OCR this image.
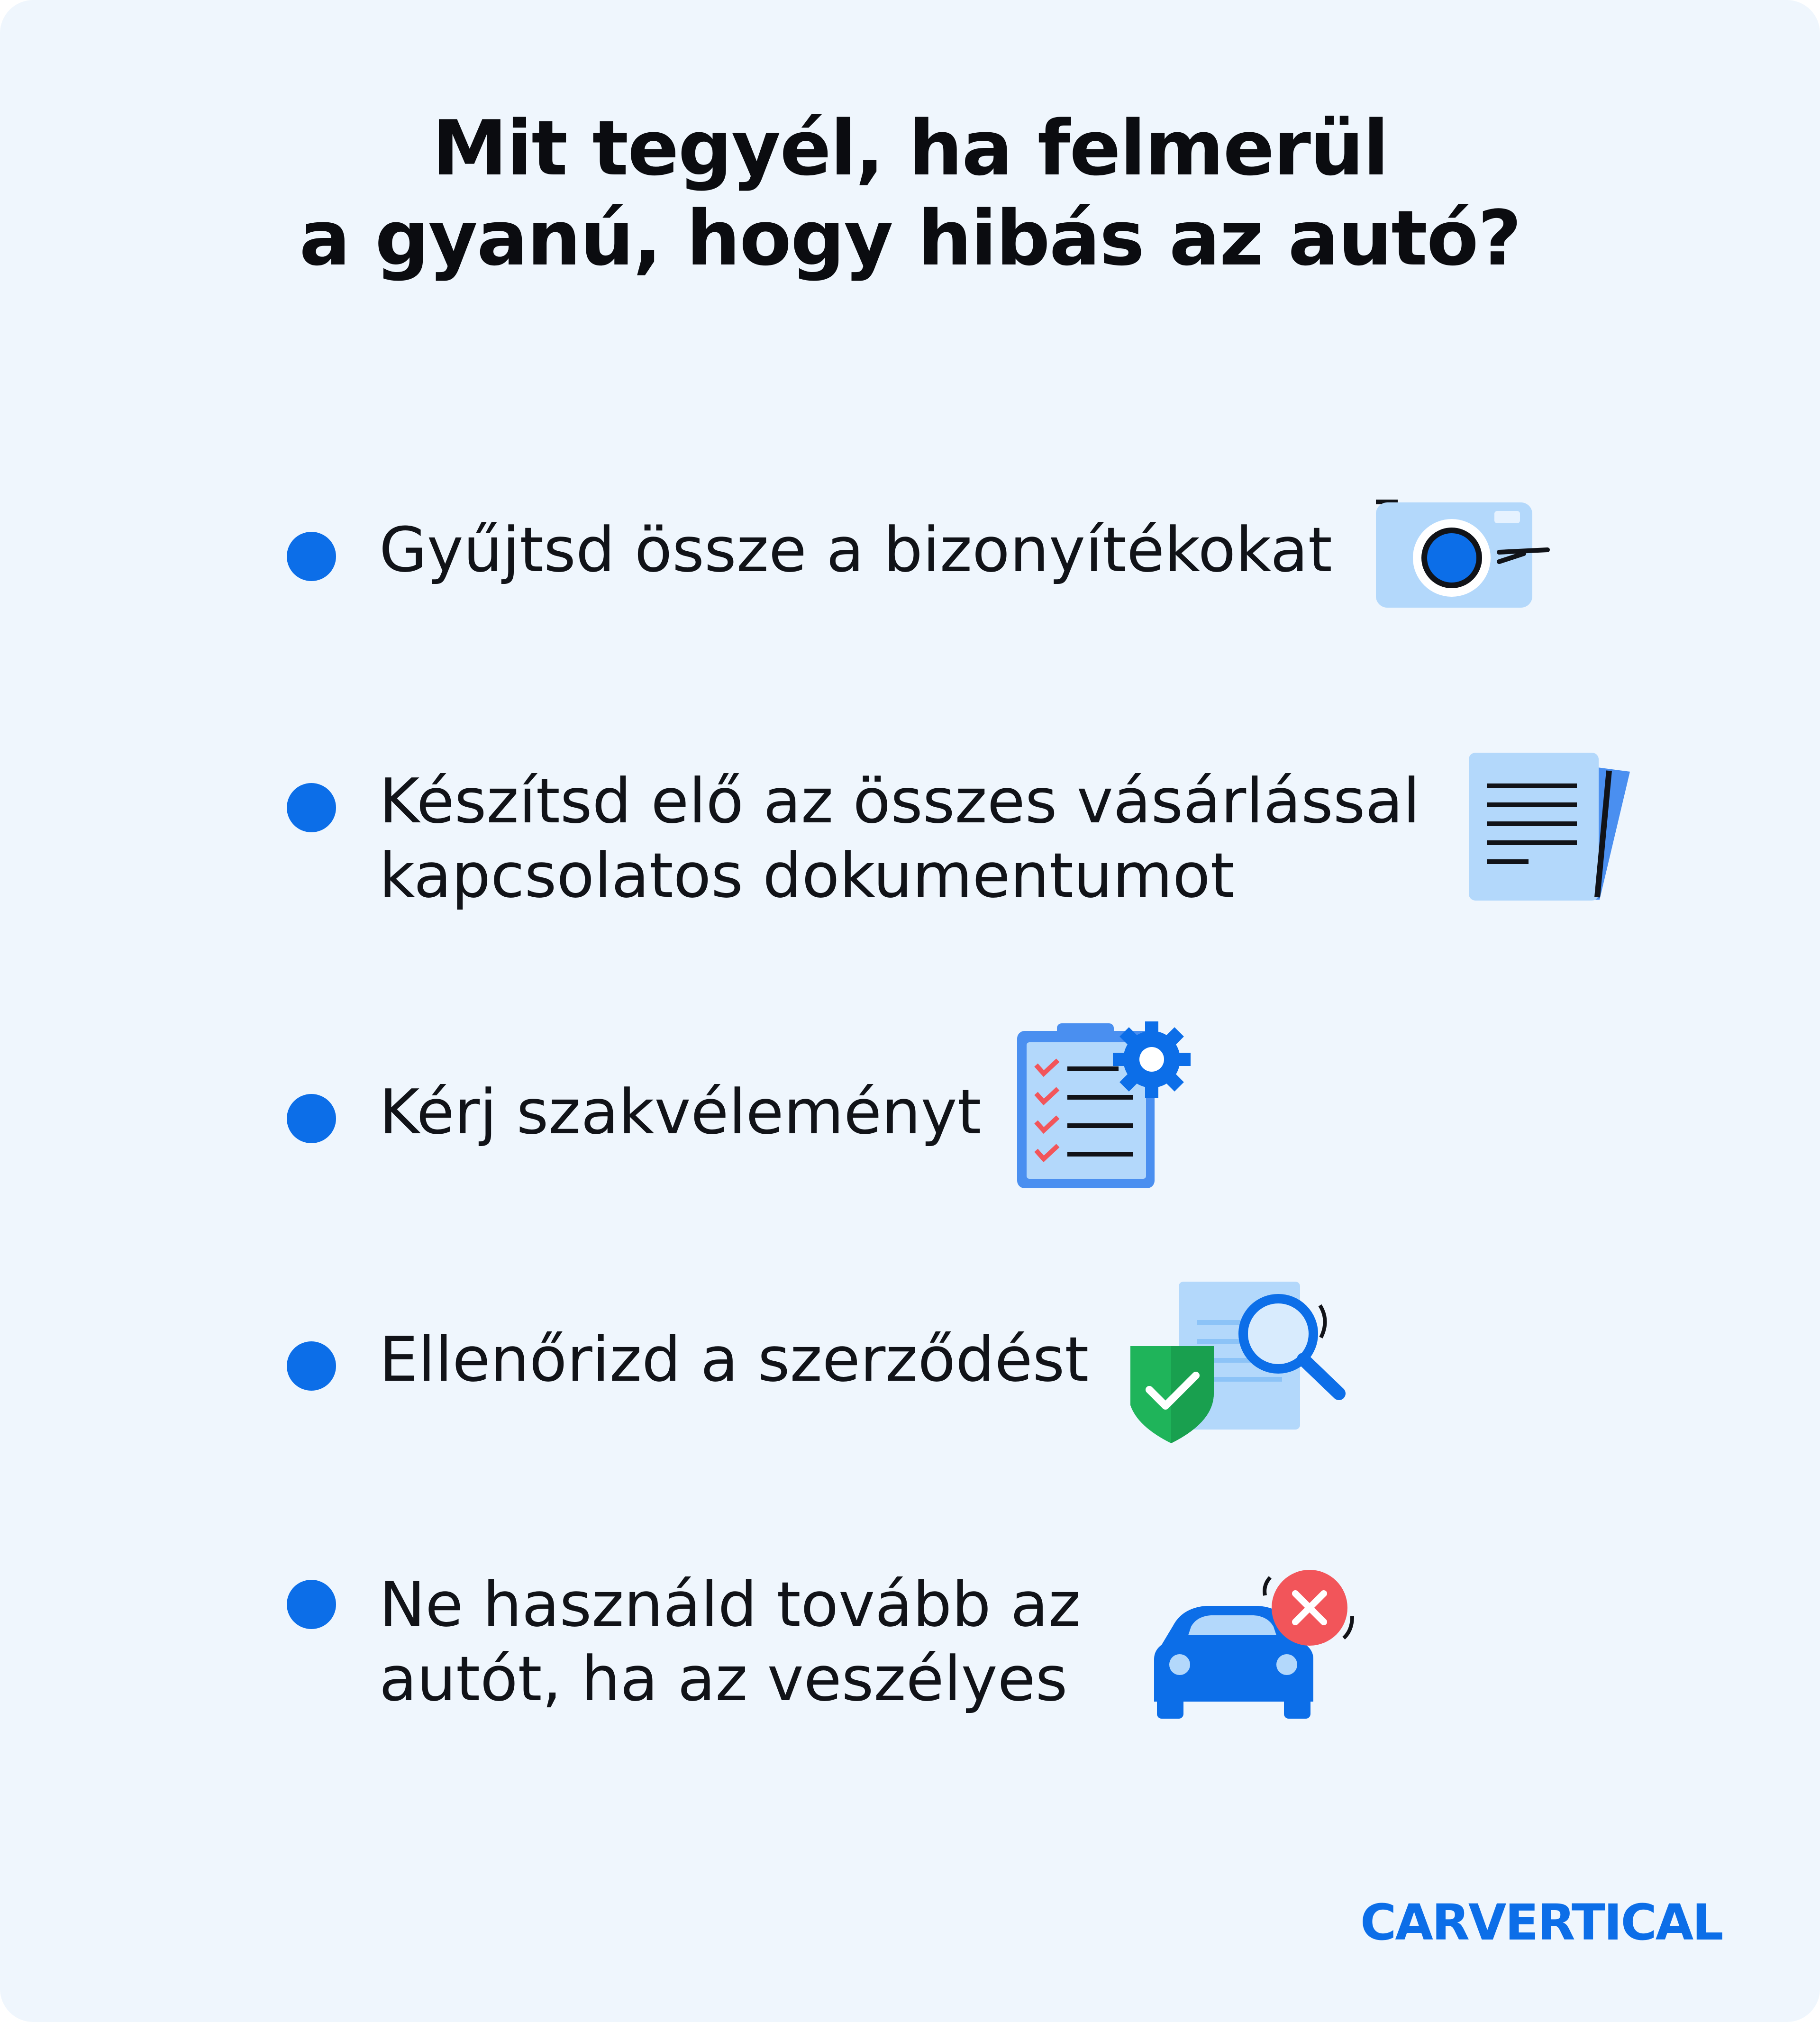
Mit tegyél, ha felmerül
a gyanú, hogy hibás az autó?
Gyűjtsd össze a bizonyítékokat
Készítsd elő az összes vásárlással
kapcsolatos dokumentumot
Kérj szakvéleményt
Ellenőrizd a szerződést
Ne használd tovább az
autót, ha az veszélyes
CARVERTICAL
